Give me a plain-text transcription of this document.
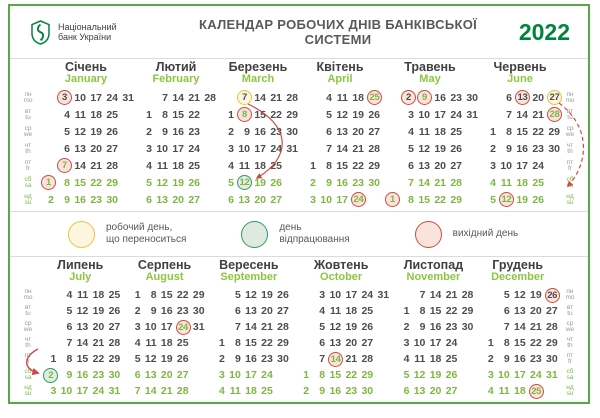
Національний
банк України
КАЛЕНДАР РОБОЧИХ ДНІВ БАНКІВСЬКОЇ СИСТЕМИ	2022
пн
mo
вт
tu
ср
we
чт
th
пт
fr
сб
sa
нд
su
Січень
January
3 10 17 24 31
4 11 18 25
5 12 19 26
6 13 20 27
7 14 21 28
1	8 15 22 29
2 9 16 23 30
Лютий
February
7 14 21 28
1 8 15 22
2 9 16 23
3 10 17 24
4 11 18 25
5 12 19 26
6 13 20 27
Березень
March
7 14 21 28
1 8 15 22 29
2 9 16 23 30
3 10 17 24 31
4 11 18 25
5 12 19 26
6 13 20 27
Квітень
April
4 11 18 25
5 12 19 26
6 13 20 27
7 14 21 28
1 8 15 22 29
2 9 16 23 30
3 10 17 24
Травень
May
2	9 16 23 30
3 10 17 24 31
4 11 18 25
5 12 19 26
6 13 20 27
7 14 21 28
1	8 15 22 29
Червень
June
6 13 20 27
7 14 21 28
1 8 15 22 29
2 9 16 23 30
3 10 17 24
4 11 18 25
5 12 19 26
пн
mo
вт
tu
ср
we
чт
th
пт
fr
сб
sa
нд
su
робочий день,
що переноситься
день
відпрацювання
вихідний день
пн
mo
вт
tu
ср
we
чт
th
пт
fr
сб
sa
нд
su
Липень
July
4 11 18 25
5 12 19 26
6 13 20 27
7 14 21 28
1 8 15 22 29
2	9 16 23 30
3 10 17 24 31
Серпень
August
1 8 15 22 29
2 9 16 23 30
3 10 17 24 31
4 11 18 25
5 12 19 26
6 13 20 27
7 14 21 28
Вересень
September
5 12 19 26
6 13 20 27
7 14 21 28
1 8 15 22 29
2 9 16 23 30
3 10 17 24
4 11 18 25
Жовтень
October
3 10 17 24 31
4 11 18 25
5 12 19 26
6 13 20 27
7 14 21 28
1 8 15 22 29
2 9 16 23 30
Листопад
November
7 14 21 28
1 8 15 22 29
2 9 16 23 30
3 10 17 24
4 11 18 25
5 12 19 26
6 13 20 27
Грудень
December
5 12 19 26
6 13 20 27
7 14 21 28
1 8 15 22 29
2 9 16 23 30
3 10 17 24 31
4 11 18 25
пн
mo
вт
tu
ср
we
чт
th
пт
fr
сб
sa
нд
su
